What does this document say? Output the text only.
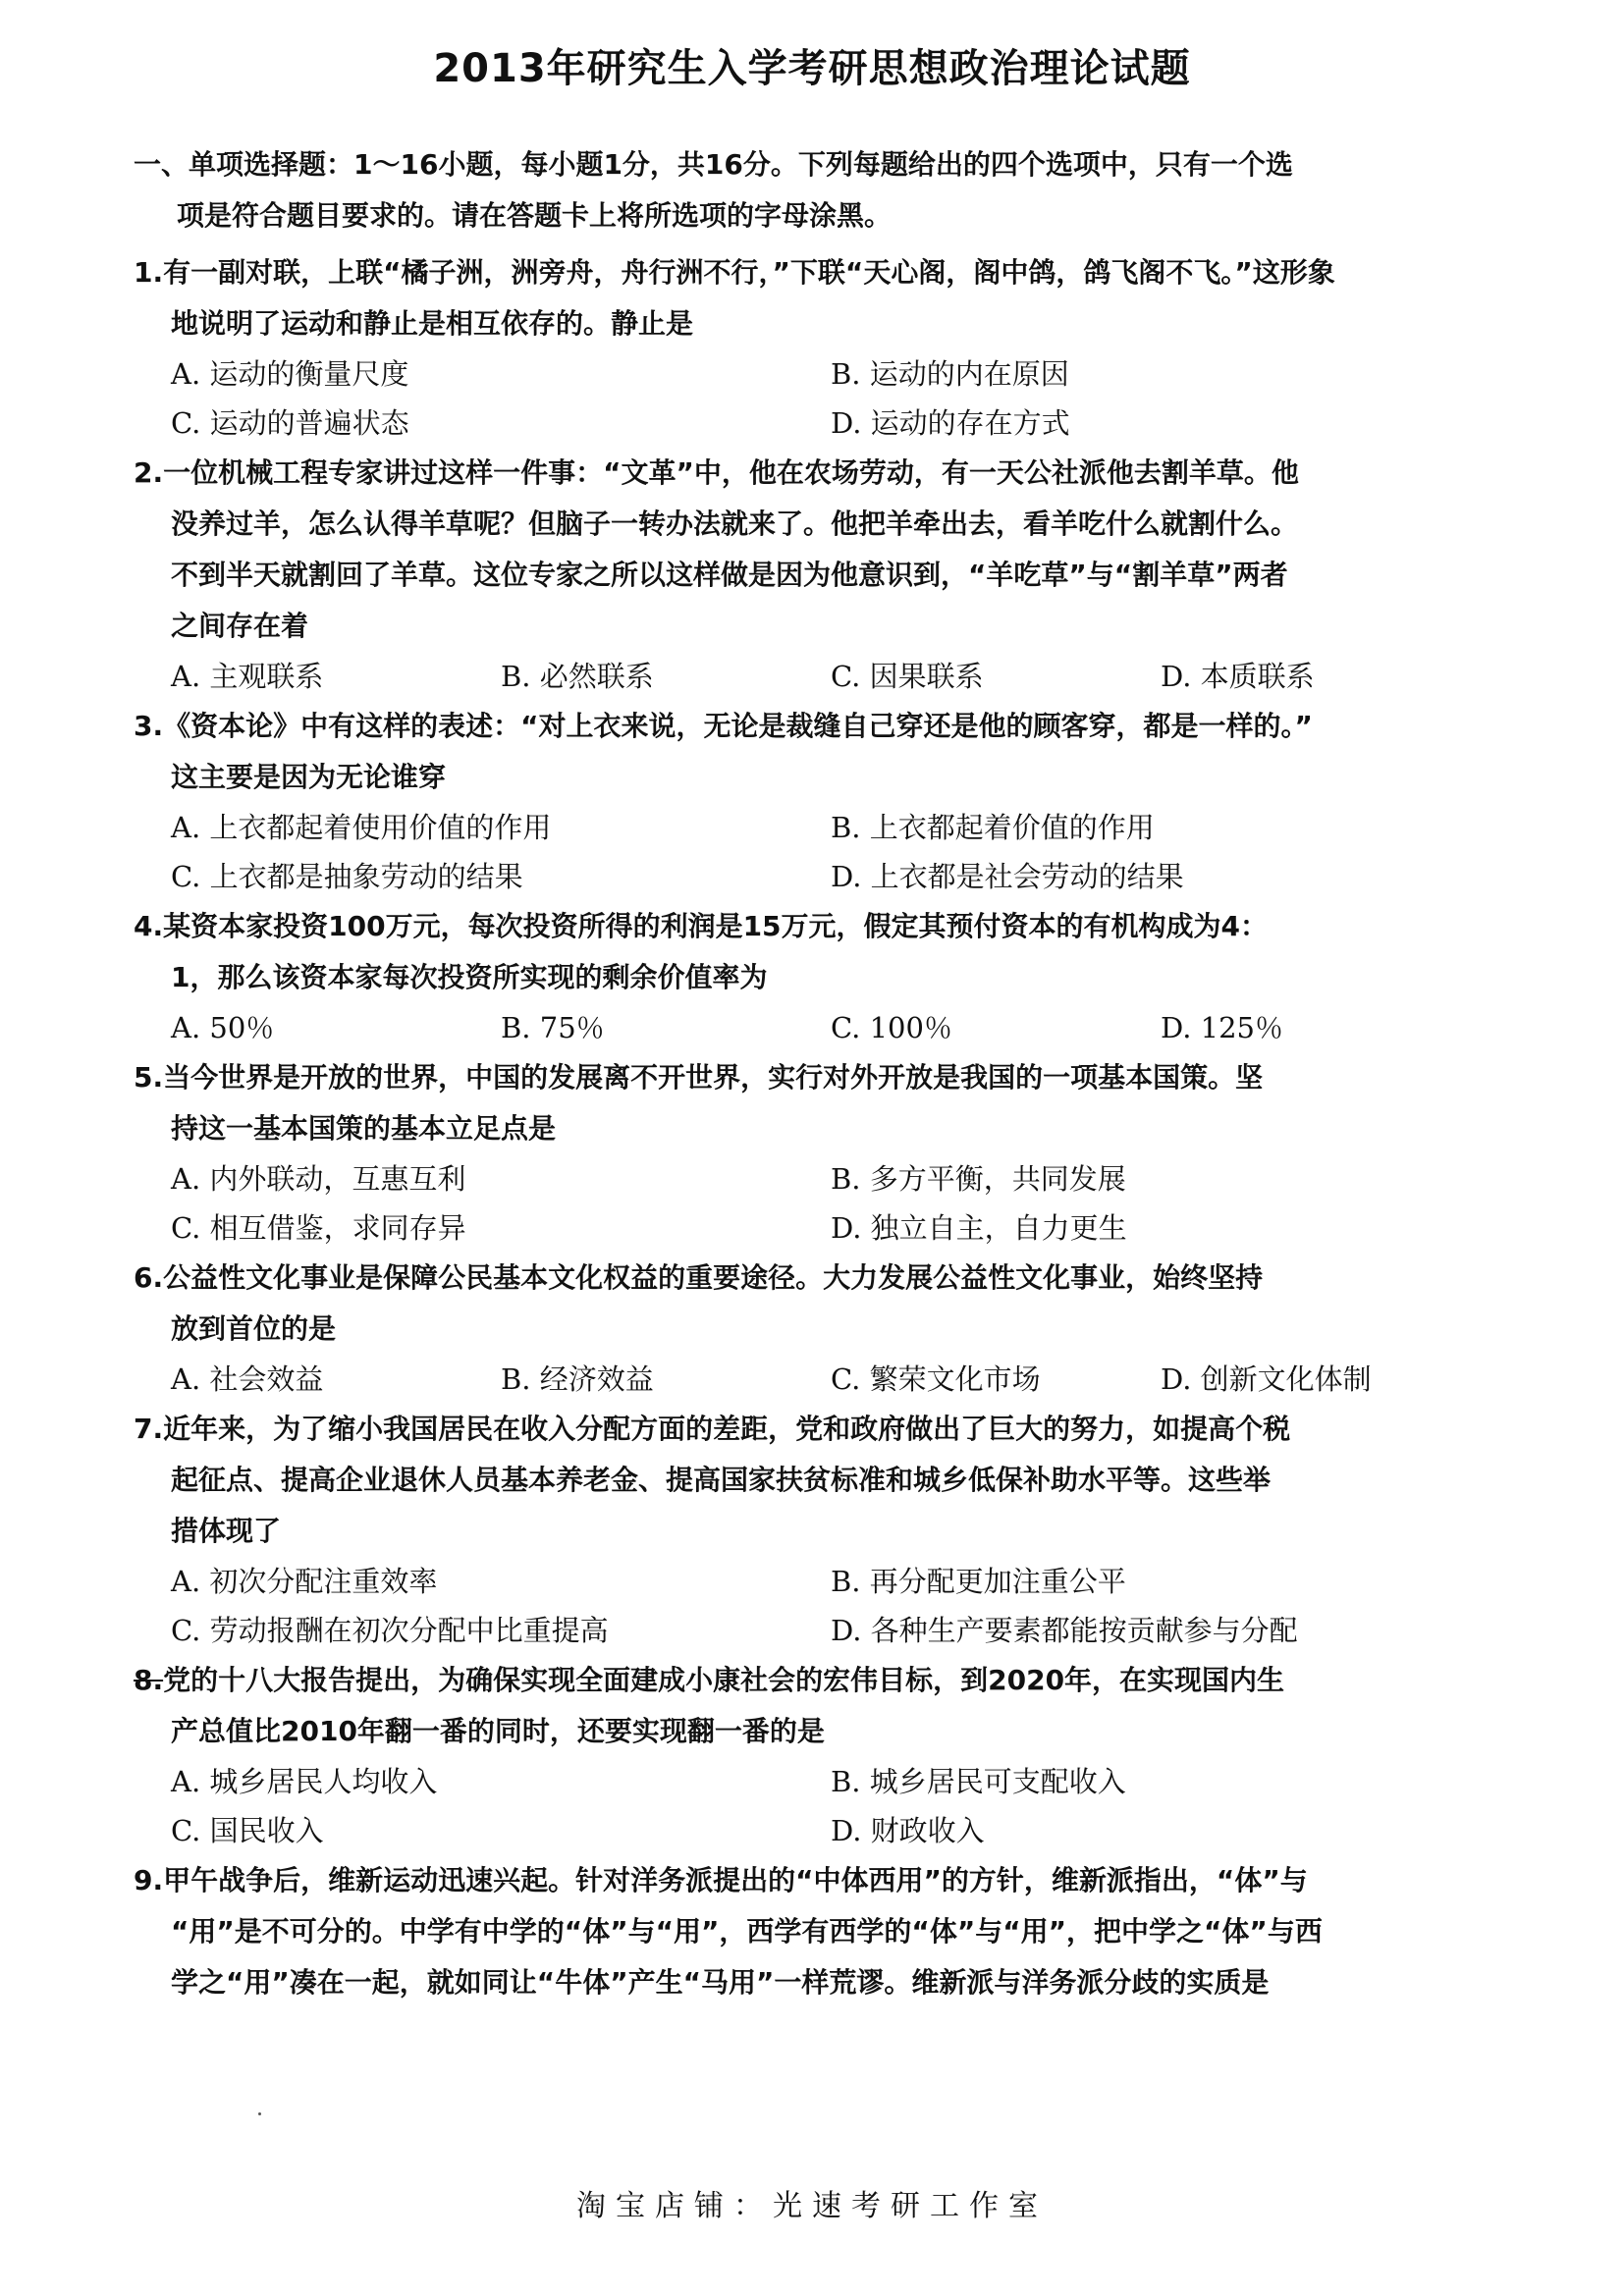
2013年研究生入学考研思想政治理论试题
一、单项选择题：1～16小题，每小题1分，共16分。下列每题给出的四个选项中，只有一个选
项是符合题目要求的。请在答题卡上将所选项的字母涂黑。
1.有一副对联，上联“橘子洲，洲旁舟，舟行洲不行，”下联“天心阁，阁中鸽，鸽飞阁不飞。”这形象
地说明了运动和静止是相互依存的。静止是
A. 运动的衡量尺度	B. 运动的内在原因
C. 运动的普遍状态	D. 运动的存在方式
2.一位机械工程专家讲过这样一件事：“文革”中，他在农场劳动，有一天公社派他去割羊草。他
没养过羊，怎么认得羊草呢？但脑子一转办法就来了。他把羊牵出去，看羊吃什么就割什么。
不到半天就割回了羊草。这位专家之所以这样做是因为他意识到，“羊吃草”与“割羊草”两者
之间存在着
A. 主观联系	B. 必然联系	C. 因果联系	D. 本质联系
3.《资本论》中有这样的表述：“对上衣来说，无论是裁缝自己穿还是他的顾客穿，都是一样的。”
这主要是因为无论谁穿
A. 上衣都起着使用价值的作用	B. 上衣都起着价值的作用
C. 上衣都是抽象劳动的结果	D. 上衣都是社会劳动的结果
4.某资本家投资100万元，每次投资所得的利润是15万元，假定其预付资本的有机构成为4：
1，那么该资本家每次投资所实现的剩余价值率为
A. 50％	B. 75％	C. 100％	D. 125％
5.当今世界是开放的世界，中国的发展离不开世界，实行对外开放是我国的一项基本国策。坚
持这一基本国策的基本立足点是
A. 内外联动，互惠互利	B. 多方平衡，共同发展
C. 相互借鉴，求同存异	D. 独立自主，自力更生
6.公益性文化事业是保障公民基本文化权益的重要途径。大力发展公益性文化事业，始终坚持
放到首位的是
A. 社会效益	B. 经济效益	C. 繁荣文化市场	D. 创新文化体制
7.近年来，为了缩小我国居民在收入分配方面的差距，党和政府做出了巨大的努力，如提高个税
起征点、提高企业退休人员基本养老金、提高国家扶贫标准和城乡低保补助水平等。这些举
措体现了
A. 初次分配注重效率	B. 再分配更加注重公平
C. 劳动报酬在初次分配中比重提高	D. 各种生产要素都能按贡献参与分配
8.党的十八大报告提出，为确保实现全面建成小康社会的宏伟目标，到2020年，在实现国内生
产总值比2010年翻一番的同时，还要实现翻一番的是
A. 城乡居民人均收入	B. 城乡居民可支配收入
C. 国民收入	D. 财政收入
9.甲午战争后，维新运动迅速兴起。针对洋务派提出的“中体西用”的方针，维新派指出，“体”与
“用”是不可分的。中学有中学的“体”与“用”，西学有西学的“体”与“用”，把中学之“体”与西
学之“用”凑在一起，就如同让“牛体”产生“马用”一样荒谬。维新派与洋务派分歧的实质是
淘宝店铺：光速考研工作室
